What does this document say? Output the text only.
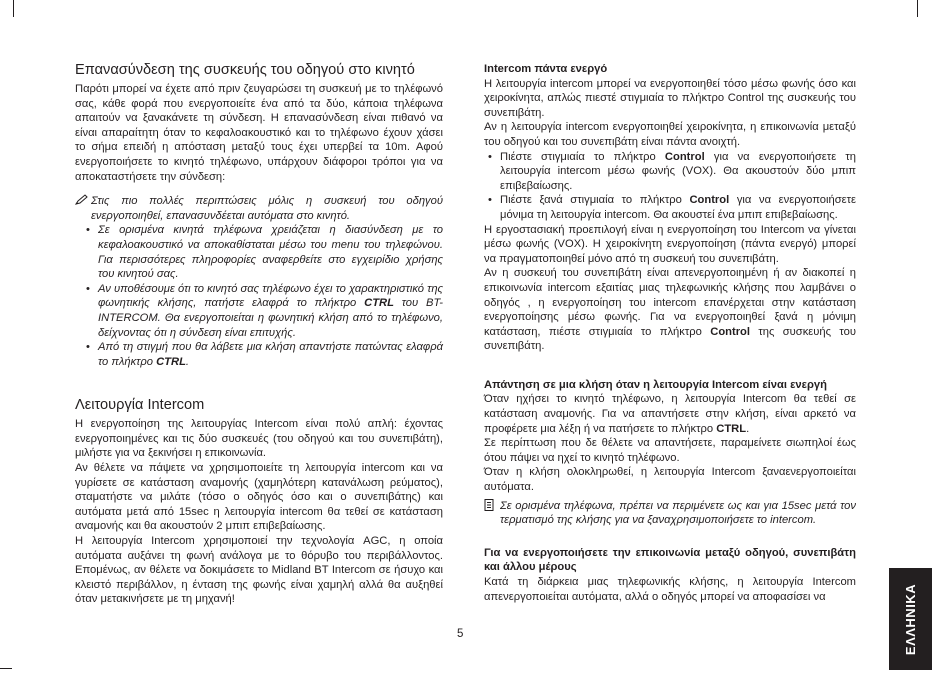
Επανασύνδεση της συσκευής του οδηγού στο κινητό

Παρότι μπορεί να έχετε από πριν ζευγαρώσει τη συσκευή με το τηλέφωνό σας, κάθε φορά που ενεργοποιείτε ένα από τα δύο, κάποια τηλέφωνα απαιτούν να ξανακάνετε τη σύνδεση. Η επανασύνδεση είναι πιθανό να είναι απαραίτητη όταν το κεφαλοακουστικό και το τηλέφωνο έχουν χάσει το σήμα επειδή η απόσταση μεταξύ τους έχει υπερβεί τα 10m. Αφού ενεργοποιήσετε το κινητό τηλέφωνο, υπάρχουν διάφοροι τρόποι για να αποκαταστήσετε την σύνδεση:

Στις πιο πολλές περιπτώσεις μόλις η συσκευή του οδηγού ενεργοποιηθεί, επανασυνδέεται αυτόματα στο κινητό.

• Σε ορισμένα κινητά τηλέφωνα χρειάζεται η διασύνδεση με το κεφαλοακουστικό να αποκαθίσταται μέσω του menu του τηλεφώνου. Για περισσότερες πληροφορίες αναφερθείτε στο εγχειρίδιο χρήσης του κινητού σας.
• Αν υποθέσουμε ότι το κινητό σας τηλέφωνο έχει το χαρακτηριστικό της φωνητικής κλήσης, πατήστε ελαφρά το πλήκτρο CTRL του BT-INTERCOM. Θα ενεργοποιείται η φωνητική κλήση από το τηλέφωνο, δείχνοντας ότι η σύνδεση είναι επιτυχής.
• Από τη στιγμή που θα λάβετε μια κλήση απαντήστε πατώντας ελαφρά το πλήκτρο CTRL.
Λειτουργία Intercom

Η ενεργοποίηση της λειτουργίας Intercom είναι πολύ απλή: έχοντας ενεργοποιημένες και τις δύο συσκευές (του οδηγού και του συνεπιβάτη), μιλήστε για να ξεκινήσει η επικοινωνία.

Αν θέλετε να πάψετε να χρησιμοποιείτε τη λειτουργία intercom και να γυρίσετε σε κατάσταση αναμονής (χαμηλότερη κατανάλωση ρεύματος), σταματήστε να μιλάτε (τόσο ο οδηγός όσο και ο συνεπιβάτης) και αυτόματα μετά από 15sec η λειτουργία intercom θα τεθεί σε κατάσταση αναμονής και θα ακουστούν 2 μπιπ επιβεβαίωσης.

Η λειτουργία Intercom χρησιμοποιεί την τεχνολογία AGC, η οποία αυτόματα αυξάνει τη φωνή ανάλογα με το θόρυβο του περιβάλλοντος. Επομένως, αν θέλετε να δοκιμάσετε το Midland BT Intercom σε ήσυχο και κλειστό περιβάλλον, η ένταση της φωνής είναι χαμηλή αλλά θα αυξηθεί όταν μετακινήσετε με τη μηχανή!

Intercom πάντα ενεργό

Η λειτουργία intercom μπορεί να ενεργοποιηθεί τόσο μέσω φωνής όσο και χειροκίνητα, απλώς πιεστέ στιγμιαία το πλήκτρο Control της συσκευής του συνεπιβάτη.

Αν η λειτουργία intercom ενεργοποιηθεί χειροκίνητα, η επικοινωνία μεταξύ του οδηγού και του συνεπιβάτη είναι πάντα ανοιχτή.

• Πιέστε στιγμιαία το πλήκτρο Control για να ενεργοποιήσετε τη λειτουργία intercom μέσω φωνής (VOX). Θα ακουστούν δύο μπιπ επιβεβαίωσης.
• Πιέστε ξανά στιγμιαία το πλήκτρο Control για να ενεργοποιήσετε μόνιμα τη λειτουργία intercom. Θα ακουστεί ένα μπιπ επιβεβαίωσης.

Η εργοστασιακή προεπιλογή είναι η ενεργοποίηση του Intercom να γίνεται μέσω φωνής (VOX). Η χειροκίνητη ενεργοποίηση (πάντα ενεργό) μπορεί να πραγματοποιηθεί μόνο από τη συσκευή του συνεπιβάτη.

Αν η συσκευή του συνεπιβάτη είναι απενεργοποιημένη ή αν διακοπεί η επικοινωνία intercom εξαιτίας μιας τηλεφωνικής κλήσης που λαμβάνει ο οδηγός , η ενεργοποίηση του intercom επανέρχεται στην κατάσταση ενεργοποίησης μέσω φωνής. Για να ενεργοποιηθεί ξανά η μόνιμη κατάσταση, πιέστε στιγμιαία το πλήκτρο Control της συσκευής του συνεπιβάτη.

Απάντηση σε μια κλήση όταν η λειτουργία Intercom είναι ενεργή

Όταν ηχήσει το κινητό τηλέφωνο, η λειτουργία Intercom θα τεθεί σε κατάσταση αναμονής. Για να απαντήσετε στην κλήση, είναι αρκετό να προφέρετε μια λέξη ή να πατήσετε το πλήκτρο CTRL.

Σε περίπτωση που δε θέλετε να απαντήσετε, παραμείνετε σιωπηλοί έως ότου πάψει να ηχεί το κινητό τηλέφωνο.

Όταν η κλήση ολοκληρωθεί, η λειτουργία Intercom ξαναενεργοποιείται αυτόματα.

Σε ορισμένα τηλέφωνα, πρέπει να περιμένετε ως και για 15sec μετά τον τερματισμό της κλήσης για να ξαναχρησιμοποιήσετε το intercom.

Για να ενεργοποιήσετε την επικοινωνία μεταξύ οδηγού, συνεπιβάτη και άλλου μέρους

Κατά τη διάρκεια μιας τηλεφωνικής κλήσης, η λειτουργία Intercom απενεργοποιείται αυτόματα, αλλά ο οδηγός μπορεί να αποφασίσει να

5	ΕΛΛΗΝΙΚΑ
